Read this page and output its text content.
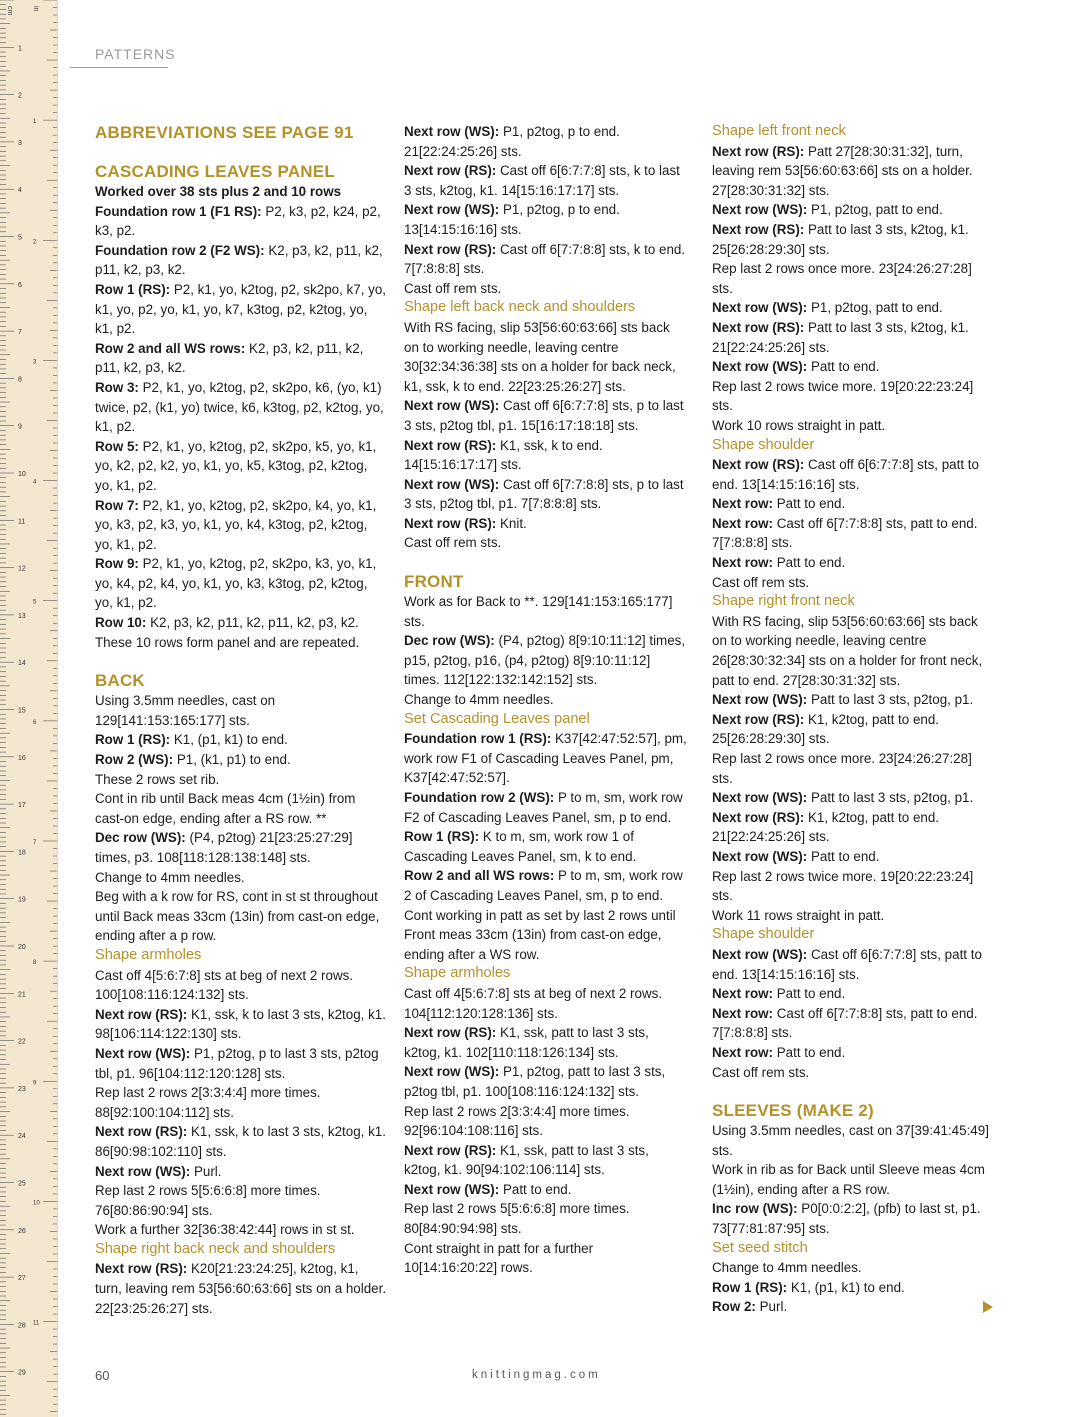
1
2
3
4
5
6
7
8
9
10
11
12
13
14
15
16
17
18
19
20
21
22
23
24
25
26
27
28
29
1
2
3
4
5
6
7
8
9
10
11
cm	in
PATTERNS

ABBREVIATIONS SEE PAGE 91

CASCADING LEAVES PANEL

Worked over 38 sts plus 2 and 10 rows

Foundation row 1 (F1 RS): P2, k3, p2, k24, p2, k3, p2.

Foundation row 2 (F2 WS): K2, p3, k2, p11, k2, p11, k2, p3, k2.

Row 1 (RS): P2, k1, yo, k2tog, p2, sk2po, k7, yo, k1, yo, p2, yo, k1, yo, k7, k3tog, p2, k2tog, yo, k1, p2.

Row 2 and all WS rows: K2, p3, k2, p11, k2, p11, k2, p3, k2.

Row 3: P2, k1, yo, k2tog, p2, sk2po, k6, (yo, k1) twice, p2, (k1, yo) twice, k6, k3tog, p2, k2tog, yo, k1, p2.

Row 5: P2, k1, yo, k2tog, p2, sk2po, k5, yo, k1, yo, k2, p2, k2, yo, k1, yo, k5, k3tog, p2, k2tog, yo, k1, p2.

Row 7: P2, k1, yo, k2tog, p2, sk2po, k4, yo, k1, yo, k3, p2, k3, yo, k1, yo, k4, k3tog, p2, k2tog, yo, k1, p2.

Row 9: P2, k1, yo, k2tog, p2, sk2po, k3, yo, k1, yo, k4, p2, k4, yo, k1, yo, k3, k3tog, p2, k2tog, yo, k1, p2.

Row 10: K2, p3, k2, p11, k2, p11, k2, p3, k2.

These 10 rows form panel and are repeated.

BACK

Using 3.5mm needles, cast on 129[141:153:165:177] sts.

Row 1 (RS): K1, (p1, k1) to end.

Row 2 (WS): P1, (k1, p1) to end.

These 2 rows set rib.

Cont in rib until Back meas 4cm (1½in) from cast-on edge, ending after a RS row. **

Dec row (WS): (P4, p2tog) 21[23:25:27:29] times, p3. 108[118:128:138:148] sts.

Change to 4mm needles.

Beg with a k row for RS, cont in st st throughout until Back meas 33cm (13in) from cast-on edge, ending after a p row.

Shape armholes

Cast off 4[5:6:7:8] sts at beg of next 2 rows. 100[108:116:124:132] sts.

Next row (RS): K1, ssk, k to last 3 sts, k2tog, k1. 98[106:114:122:130] sts.

Next row (WS): P1, p2tog, p to last 3 sts, p2tog tbl, p1. 96[104:112:120:128] sts.

Rep last 2 rows 2[3:3:4:4] more times. 88[92:100:104:112] sts.

Next row (RS): K1, ssk, k to last 3 sts, k2tog, k1. 86[90:98:102:110] sts.

Next row (WS): Purl.

Rep last 2 rows 5[5:6:6:8] more times. 76[80:86:90:94] sts.

Work a further 32[36:38:42:44] rows in st st.

Shape right back neck and shoulders

Next row (RS): K20[21:23:24:25], k2tog, k1, turn, leaving rem 53[56:60:63:66] sts on a holder. 22[23:25:26:27] sts.

Next row (WS): P1, p2tog, p to end. 21[22:24:25:26] sts.

Next row (RS): Cast off 6[6:7:7:8] sts, k to last 3 sts, k2tog, k1. 14[15:16:17:17] sts.

Next row (WS): P1, p2tog, p to end. 13[14:15:16:16] sts.

Next row (RS): Cast off 6[7:7:8:8] sts, k to end. 7[7:8:8:8] sts.

Cast off rem sts.

Shape left back neck and shoulders

With RS facing, slip 53[56:60:63:66] sts back on to working needle, leaving centre 30[32:34:36:38] sts on a holder for back neck, k1, ssk, k to end. 22[23:25:26:27] sts.

Next row (WS): Cast off 6[6:7:7:8] sts, p to last 3 sts, p2tog tbl, p1. 15[16:17:18:18] sts.

Next row (RS): K1, ssk, k to end. 14[15:16:17:17] sts.

Next row (WS): Cast off 6[7:7:8:8] sts, p to last 3 sts, p2tog tbl, p1. 7[7:8:8:8] sts.

Next row (RS): Knit.

Cast off rem sts.

FRONT

Work as for Back to **. 129[141:153:165:177] sts.

Dec row (WS): (P4, p2tog) 8[9:10:11:12] times, p15, p2tog, p16, (p4, p2tog) 8[9:10:11:12] times. 112[122:132:142:152] sts.

Change to 4mm needles.

Set Cascading Leaves panel

Foundation row 1 (RS): K37[42:47:52:57], pm, work row F1 of Cascading Leaves Panel, pm, K37[42:47:52:57].

Foundation row 2 (WS): P to m, sm, work row F2 of Cascading Leaves Panel, sm, p to end.

Row 1 (RS): K to m, sm, work row 1 of Cascading Leaves Panel, sm, k to end.

Row 2 and all WS rows: P to m, sm, work row 2 of Cascading Leaves Panel, sm, p to end.

Cont working in patt as set by last 2 rows until Front meas 33cm (13in) from cast-on edge, ending after a WS row.

Shape armholes

Cast off 4[5:6:7:8] sts at beg of next 2 rows. 104[112:120:128:136] sts.

Next row (RS): K1, ssk, patt to last 3 sts, k2tog, k1. 102[110:118:126:134] sts.

Next row (WS): P1, p2tog, patt to last 3 sts, p2tog tbl, p1. 100[108:116:124:132] sts.

Rep last 2 rows 2[3:3:4:4] more times. 92[96:104:108:116] sts.

Next row (RS): K1, ssk, patt to last 3 sts, k2tog, k1. 90[94:102:106:114] sts.

Next row (WS): Patt to end.

Rep last 2 rows 5[5:6:6:8] more times. 80[84:90:94:98] sts.

Cont straight in patt for a further 10[14:16:20:22] rows.

Shape left front neck

Next row (RS): Patt 27[28:30:31:32], turn, leaving rem 53[56:60:63:66] sts on a holder. 27[28:30:31:32] sts.

Next row (WS): P1, p2tog, patt to end.

Next row (RS): Patt to last 3 sts, k2tog, k1. 25[26:28:29:30] sts.

Rep last 2 rows once more. 23[24:26:27:28] sts.

Next row (WS): P1, p2tog, patt to end.

Next row (RS): Patt to last 3 sts, k2tog, k1. 21[22:24:25:26] sts.

Next row (WS): Patt to end.

Rep last 2 rows twice more. 19[20:22:23:24] sts.

Work 10 rows straight in patt.

Shape shoulder

Next row (RS): Cast off 6[6:7:7:8] sts, patt to end. 13[14:15:16:16] sts.

Next row: Patt to end.

Next row: Cast off 6[7:7:8:8] sts, patt to end. 7[7:8:8:8] sts.

Next row: Patt to end.

Cast off rem sts.

Shape right front neck

With RS facing, slip 53[56:60:63:66] sts back on to working needle, leaving centre 26[28:30:32:34] sts on a holder for front neck, patt to end. 27[28:30:31:32] sts.

Next row (WS): Patt to last 3 sts, p2tog, p1.

Next row (RS): K1, k2tog, patt to end. 25[26:28:29:30] sts.

Rep last 2 rows once more. 23[24:26:27:28] sts.

Next row (WS): Patt to last 3 sts, p2tog, p1.

Next row (RS): K1, k2tog, patt to end. 21[22:24:25:26] sts.

Next row (WS): Patt to end.

Rep last 2 rows twice more. 19[20:22:23:24] sts.

Work 11 rows straight in patt.

Shape shoulder

Next row (WS): Cast off 6[6:7:7:8] sts, patt to end. 13[14:15:16:16] sts.

Next row: Patt to end.

Next row: Cast off 6[7:7:8:8] sts, patt to end. 7[7:8:8:8] sts.

Next row: Patt to end.

Cast off rem sts.

SLEEVES (MAKE 2)

Using 3.5mm needles, cast on 37[39:41:45:49] sts.

Work in rib as for Back until Sleeve meas 4cm (1½in), ending after a RS row.

Inc row (WS): P0[0:0:2:2], (pfb) to last st, p1. 73[77:81:87:95] sts.

Set seed stitch

Change to 4mm needles.

Row 1 (RS): K1, (p1, k1) to end.

Row 2: Purl.

60	knittingmag.com
